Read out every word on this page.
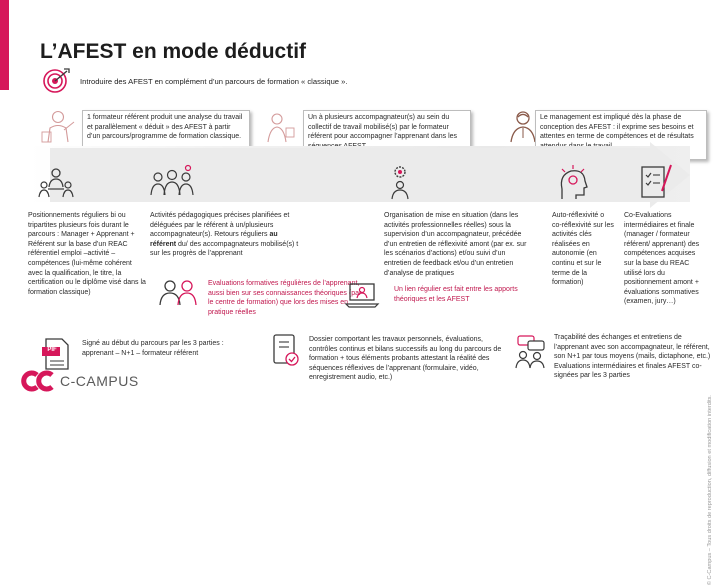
L’AFEST en mode déductif
Introduire des AFEST en complément d’un parcours de formation « classique ».
1 formateur référent produit une analyse du travail et parallèlement « déduit » des AFEST à partir d’un parcours/programme de formation classique.
Un à plusieurs accompagnateur(s) au sein du collectif de travail mobilisé(s) par le formateur référent pour accompagner l’apprenant dans les
Le management est impliqué dès la phase de conception des AFEST : il exprime ses besoins et attentes en terme de compétences et de résultats
Positionnements réguliers bi ou tripartites plusieurs fois durant le parcours : Manager + Apprenant + Référent sur la base d’un REAC référentiel emploi –activité – compétences (lui-même cohérent avec la qualification, le titre, la certification ou le diplôme visé dans la formation classique)
Activités pédagogiques précises planifiées et déléguées par le référent à un/plusieurs accompagnateur(s). Retours réguliers au référent du/ des accompagnateurs mobilisé(s) t sur les progrès de l’apprenant
Organisation de mise en situation (dans les activités professionnelles réelles) sous la supervision d’un accompagnateur, précédée d’un entretien de réflexivité amont (par ex. sur les scénarios d’actions) et/ou suivi d’un entretien de feedback et/ou d’un entretien d’analyse de pratiques
Auto-réflexivité o co-réflexivité sur les activités clés réalisées en autonomie (en continu et sur le terme de la formation)
Co-Evaluations intermédiaires et finale (manager / formateur référent/ apprenant) des compétences acquises sur la base du REAC utilisé lors du positionnement amont + évaluations sommatives (examen, jury…)
Evaluations formatives régulières de l’apprenant, aussi bien sur ses connaissances théoriques (par le centre de formation) que lors des mises en pratique réelles
Un lien régulier est fait entre les apports théoriques et les AFEST
PIF
Signé au début du parcours par les 3 parties : apprenant – N+1 – formateur référent
Dossier comportant les travaux personnels, évaluations, contrôles continus et bilans successifs au long du parcours de formation + tous éléments probants attestant la réalité des séquences réflexives de l’apprenant (formulaire, vidéo, enregistrement audio, etc.)
Traçabilité des échanges et entretiens de l’apprenant avec son accompagnateur, le référent, son N+1 par tous moyens (mails, dictaphone, etc.) Evaluations intermédiaires et finales AFEST co-signées par les 3 parties
C-CAMPUS
© C-Campus – Tous droits de reproduction, diffusion et modification interdits.
